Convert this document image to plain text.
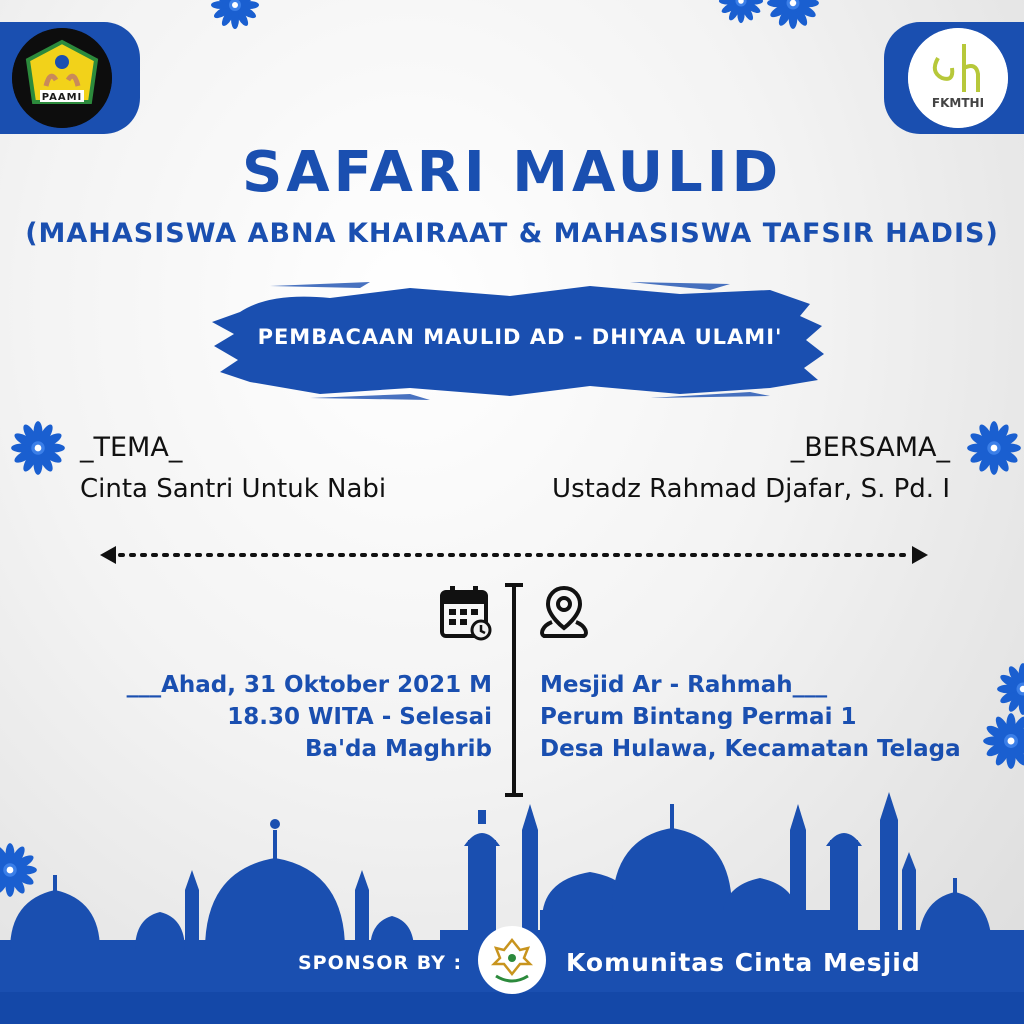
PAAMI	FKMTHI
SAFARI MAULID
(MAHASISWA ABNA KHAIRAAT & MAHASISWA TAFSIR HADIS)
PEMBACAAN MAULID AD - DHIYAA ULAMI'
_TEMA_
Cinta Santri Untuk Nabi
_BERSAMA_
Ustadz Rahmad Djafar, S. Pd. I
___Ahad, 31 Oktober 2021 M
18.30 WITA - Selesai
Ba'da Maghrib
Mesjid Ar - Rahmah___
Perum Bintang Permai 1
Desa Hulawa, Kecamatan Telaga
SPONSOR BY :	Komunitas Cinta Mesjid
